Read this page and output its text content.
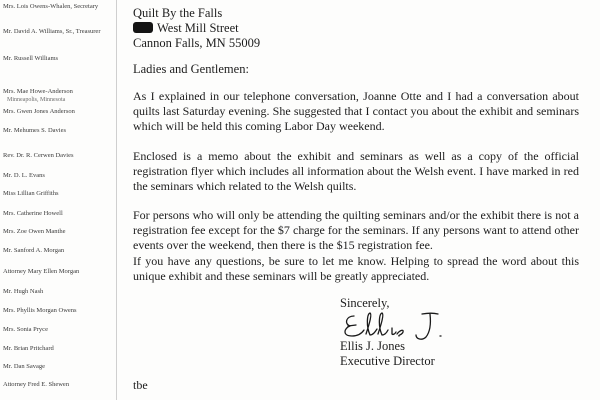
Mrs. Lois Owens-Whalen, Secretary
Mr. David A. Williams, Sr., Treasurer
Mr. Russell Williams
Mrs. Mae Howe-Anderson
Minneapolis, Minnesota
Mrs. Gwen Jones Anderson
Mr. Mehumes S. Davies
Rev. Dr. R. Cerwen Davies
Mr. D. L. Evans
Miss Lillian Griffiths
Mrs. Catherine Howell
Mrs. Zoe Owen Manthe
Mr. Sanford A. Morgan
Attorney Mary Ellen Morgan
Mr. Hugh Nash
Mrs. Phyllis Morgan Owens
Mrs. Sonia Pryce
Mr. Brian Pritchard
Mr. Dan Savage
Attorney Fred E. Shewen
Quilt By the Falls
West Mill Street
Cannon Falls, MN 55009
Ladies and Gentlemen:

As I explained in our telephone conversation, Joanne Otte and I had a conversation about quilts last Saturday evening. She suggested that I contact you about the exhibit and seminars which will be held this coming Labor Day weekend.

Enclosed is a memo about the exhibit and seminars as well as a copy of the official registration flyer which includes all information about the Welsh event. I have marked in red the seminars which related to the Welsh quilts.

For persons who will only be attending the quilting seminars and/or the exhibit there is not a registration fee except for the $7 charge for the seminars. If any persons want to attend other events over the weekend, then there is the $15 registration fee.

If you have any questions, be sure to let me know. Helping to spread the word about this unique exhibit and these seminars will be greatly appreciated.

Sincerely,
Ellis J. Jones
Executive Director
tbe
